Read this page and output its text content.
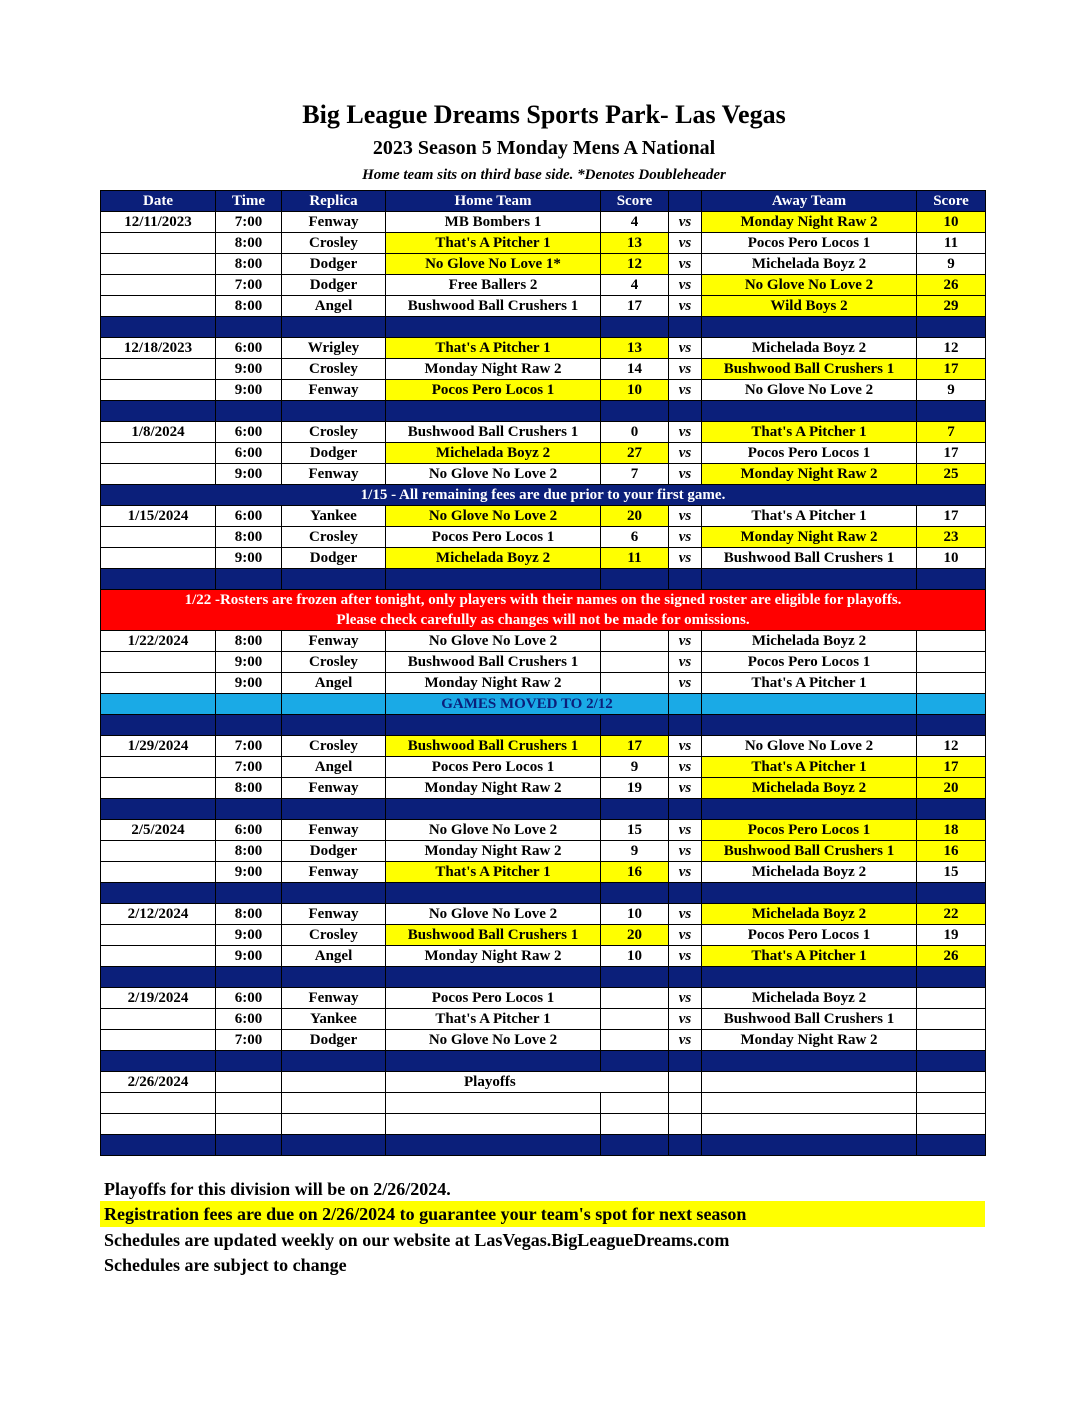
Big League Dreams Sports Park- Las Vegas
2023 Season 5 Monday Mens A National
Home team sits on third base side. *Denotes Doubleheader
Date	Time	Replica	Home Team	Score		Away Team	Score
12/11/2023	7:00	Fenway	MB Bombers 1	4	vs	Monday Night Raw 2	10
	8:00	Crosley	That's A Pitcher 1	13	vs	Pocos Pero Locos 1	11
	8:00	Dodger	No Glove No Love 1*	12	vs	Michelada Boyz 2	9
	7:00	Dodger	Free Ballers 2	4	vs	No Glove No Love 2	26
	8:00	Angel	Bushwood Ball Crushers 1	17	vs	Wild Boys 2	29

12/18/2023	6:00	Wrigley	That's A Pitcher 1	13	vs	Michelada Boyz 2	12
	9:00	Crosley	Monday Night Raw 2	14	vs	Bushwood Ball Crushers 1	17
	9:00	Fenway	Pocos Pero Locos 1	10	vs	No Glove No Love 2	9

1/8/2024	6:00	Crosley	Bushwood Ball Crushers 1	0	vs	That's A Pitcher 1	7
	6:00	Dodger	Michelada Boyz 2	27	vs	Pocos Pero Locos 1	17
	9:00	Fenway	No Glove No Love 2	7	vs	Monday Night Raw 2	25
1/15 - All remaining fees are due prior to your first game.							
1/15/2024	6:00	Yankee	No Glove No Love 2	20	vs	That's A Pitcher 1	17
	8:00	Crosley	Pocos Pero Locos 1	6	vs	Monday Night Raw 2	23
	9:00	Dodger	Michelada Boyz 2	11	vs	Bushwood Ball Crushers 1	10

1/22 -Rosters are frozen after tonight, only players with their names on the signed roster are eligible for playoffs.
Please check carefully as changes will not be made for omissions.							

1/22/2024	8:00	Fenway	No Glove No Love 2		vs	Michelada Boyz 2	
	9:00	Crosley	Bushwood Ball Crushers 1		vs	Pocos Pero Locos 1	
	9:00	Angel	Monday Night Raw 2		vs	That's A Pitcher 1	
			GAMES MOVED TO 2/12				

1/29/2024	7:00	Crosley	Bushwood Ball Crushers 1	17	vs	No Glove No Love 2	12
	7:00	Angel	Pocos Pero Locos 1	9	vs	That's A Pitcher 1	17
	8:00	Fenway	Monday Night Raw 2	19	vs	Michelada Boyz 2	20

2/5/2024	6:00	Fenway	No Glove No Love 2	15	vs	Pocos Pero Locos 1	18
	8:00	Dodger	Monday Night Raw 2	9	vs	Bushwood Ball Crushers 1	16
	9:00	Fenway	That's A Pitcher 1	16	vs	Michelada Boyz 2	15

2/12/2024	8:00	Fenway	No Glove No Love 2	10	vs	Michelada Boyz 2	22
	9:00	Crosley	Bushwood Ball Crushers 1	20	vs	Pocos Pero Locos 1	19
	9:00	Angel	Monday Night Raw 2	10	vs	That's A Pitcher 1	26

2/19/2024	6:00	Fenway	Pocos Pero Locos 1		vs	Michelada Boyz 2	
	6:00	Yankee	That's A Pitcher 1		vs	Bushwood Ball Crushers 1	
	7:00	Dodger	No Glove No Love 2		vs	Monday Night Raw 2	

2/26/2024			Playoffs				

Playoffs for this division will be on 2/26/2024.
Registration fees are due on 2/26/2024 to guarantee your team's spot for next season
Schedules are updated weekly on our website at LasVegas.BigLeagueDreams.com
Schedules are subject to change
